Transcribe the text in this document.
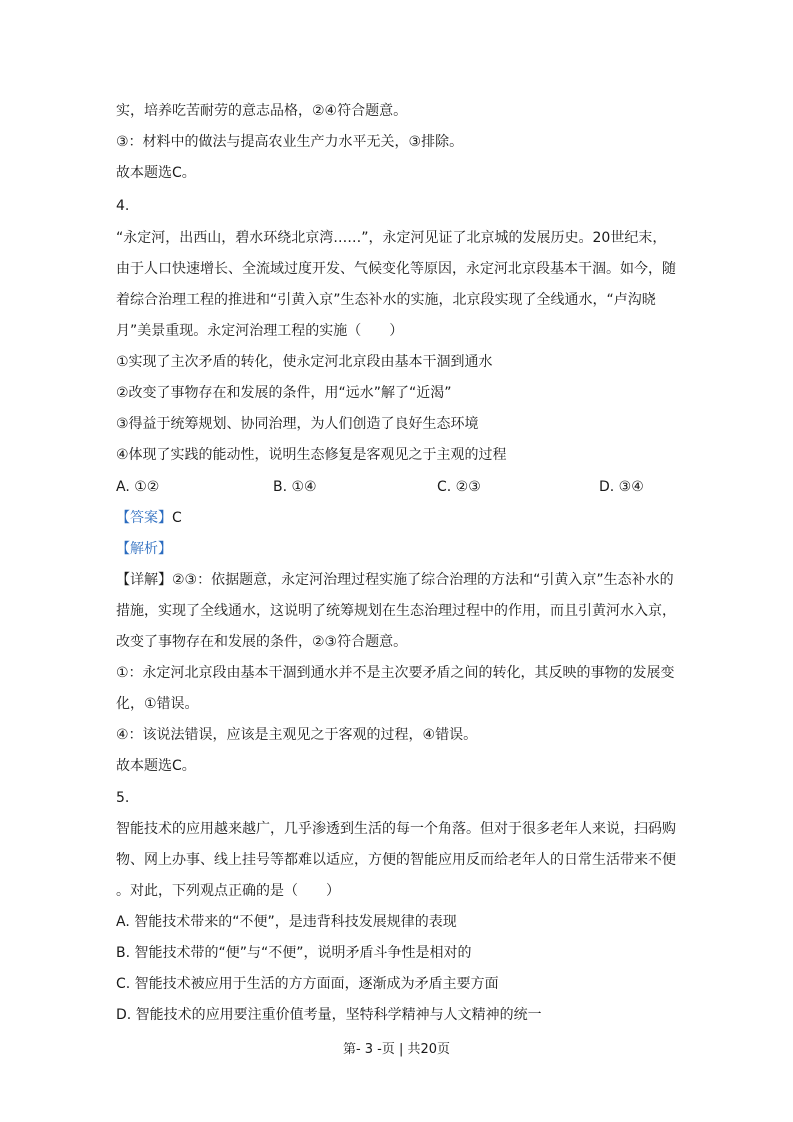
实，培养吃苦耐劳的意志品格，②④符合题意。
③：材料中的做法与提高农业生产力水平无关，③排除。
故本题选C。
4.
“永定河，出西山，碧水环绕北京湾……”，永定河见证了北京城的发展历史。20世纪末，
由于人口快速增长、全流域过度开发、气候变化等原因，永定河北京段基本干涸。如今，随
着综合治理工程的推进和“引黄入京”生态补水的实施，北京段实现了全线通水，“卢沟晓
月”美景重现。永定河治理工程的实施（　　）
①实现了主次矛盾的转化，使永定河北京段由基本干涸到通水
②改变了事物存在和发展的条件，用“远水”解了“近渴”
③得益于统筹规划、协同治理，为人们创造了良好生态环境
④体现了实践的能动性，说明生态修复是客观见之于主观的过程
A. ①②	B. ①④	C. ②③	D. ③④
【答案】C
【解析】
【详解】②③：依据题意，永定河治理过程实施了综合治理的方法和“引黄入京”生态补水的
措施，实现了全线通水，这说明了统筹规划在生态治理过程中的作用，而且引黄河水入京，
改变了事物存在和发展的条件，②③符合题意。
①：永定河北京段由基本干涸到通水并不是主次要矛盾之间的转化，其反映的事物的发展变
化，①错误。
④：该说法错误，应该是主观见之于客观的过程，④错误。
故本题选C。
5.
智能技术的应用越来越广，几乎渗透到生活的每一个角落。但对于很多老年人来说，扫码购
物、网上办事、线上挂号等都难以适应，方便的智能应用反而给老年人的日常生活带来不便
。对此，下列观点正确的是（　　）
A. 智能技术带来的“不便”，是违背科技发展规律的表现
B. 智能技术带的“便”与“不便”，说明矛盾斗争性是相对的
C. 智能技术被应用于生活的方方面面，逐渐成为矛盾主要方面
D. 智能技术的应用要注重价值考量，坚特科学精神与人文精神的统一
第- 3 -页 | 共20页
